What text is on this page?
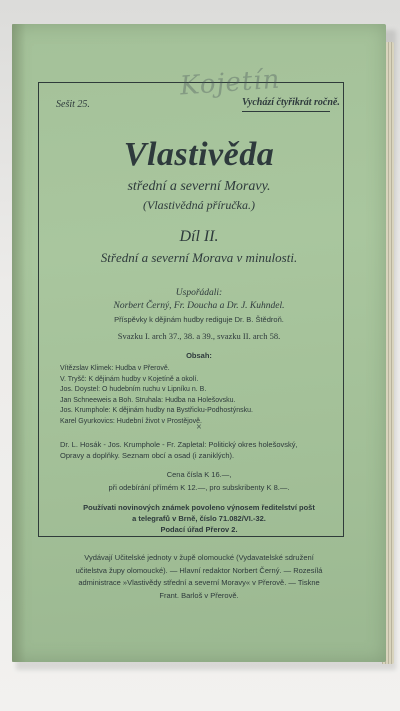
Kojetín
Sešit 25.	Vychází čtyřikrát ročně.
Vlastivěda
střední a severní Moravy.
(Vlastivědná příručka.)
Díl II.
Střední a severní Morava v minulosti.
Uspořádali:
Norbert Černý, Fr. Doucha a Dr. J. Kuhndel.
Příspěvky k dějinám hudby rediguje Dr. B. Štědroň.
Svazku I. arch 37., 38. a 39., svazku II. arch 58.
Obsah:
Vítězslav Klimek: Hudba v Přerově.
V. Tryšč: K dějinám hudby v Kojetíně a okolí.
Jos. Doystel: O hudebním ruchu v Lipníku n. B.
Jan Schneeweis a Boh. Struhala: Hudba na Holešovsku.
Jos. Krumphole: K dějinám hudby na Bystřicku-Podhostýnsku.
Karel Gyurkovics: Hudební život v Prostějově.
×
Dr. L. Hosák - Jos. Krumphole - Fr. Zapletal: Politický okres holešovský,
Opravy a doplňky. Seznam obcí a osad (i zaniklých).
Cena čísla K 16.—,
při odebírání přímém K 12.—, pro subskribenty K 8.—.
Používati novinových známek povoleno výnosem ředitelství pošt
a telegrafů v Brně, číslo 71.082/VI.-32.
Podací úřad Přerov 2.
Vydávají Učitelské jednoty v župě olomoucké (Vydavatelské sdružení
učitelstva župy olomoucké). — Hlavní redaktor Norbert Černý. — Rozesílá
administrace »Vlastivědy střední a severní Moravy« v Přerově. — Tiskne
Frant. Barloš v Přerově.
